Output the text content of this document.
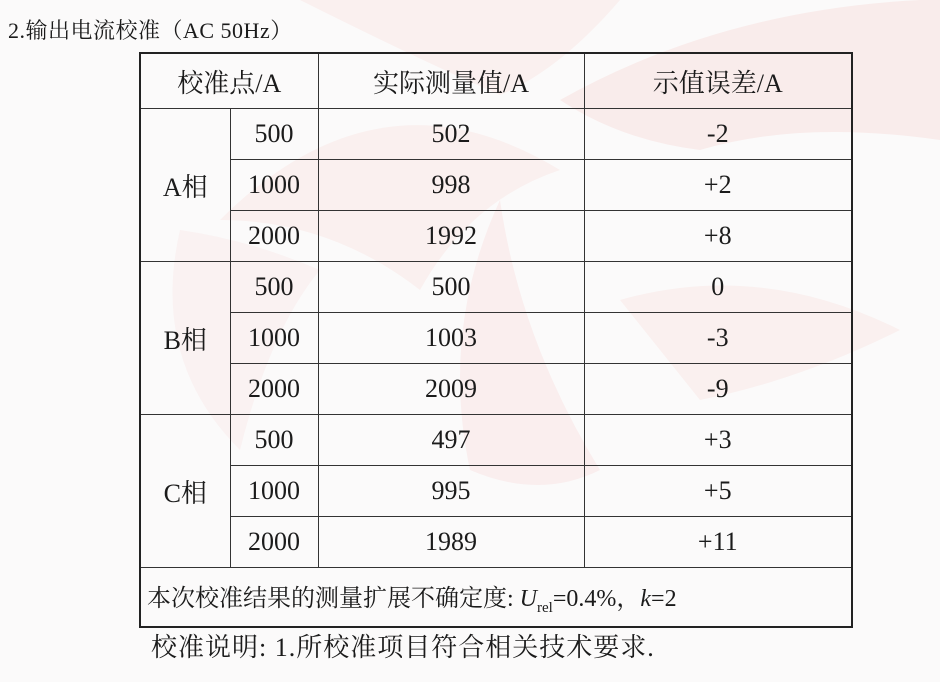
2.输出电流校准（AC 50Hz）
校准点/A		实际测量值/A	示值误差/A
A相	500	502	-2
	1000	998	+2
	2000	1992	+8
B相	500	500	0
	1000	1003	-3
	2000	2009	-9
C相	500	497	+3
	1000	995	+5
	2000	1989	+11
本次校准结果的测量扩展不确定度: $U_{rel}=0.4\%$，k=2			
校准说明: 1.所校准项目符合相关技术要求.
